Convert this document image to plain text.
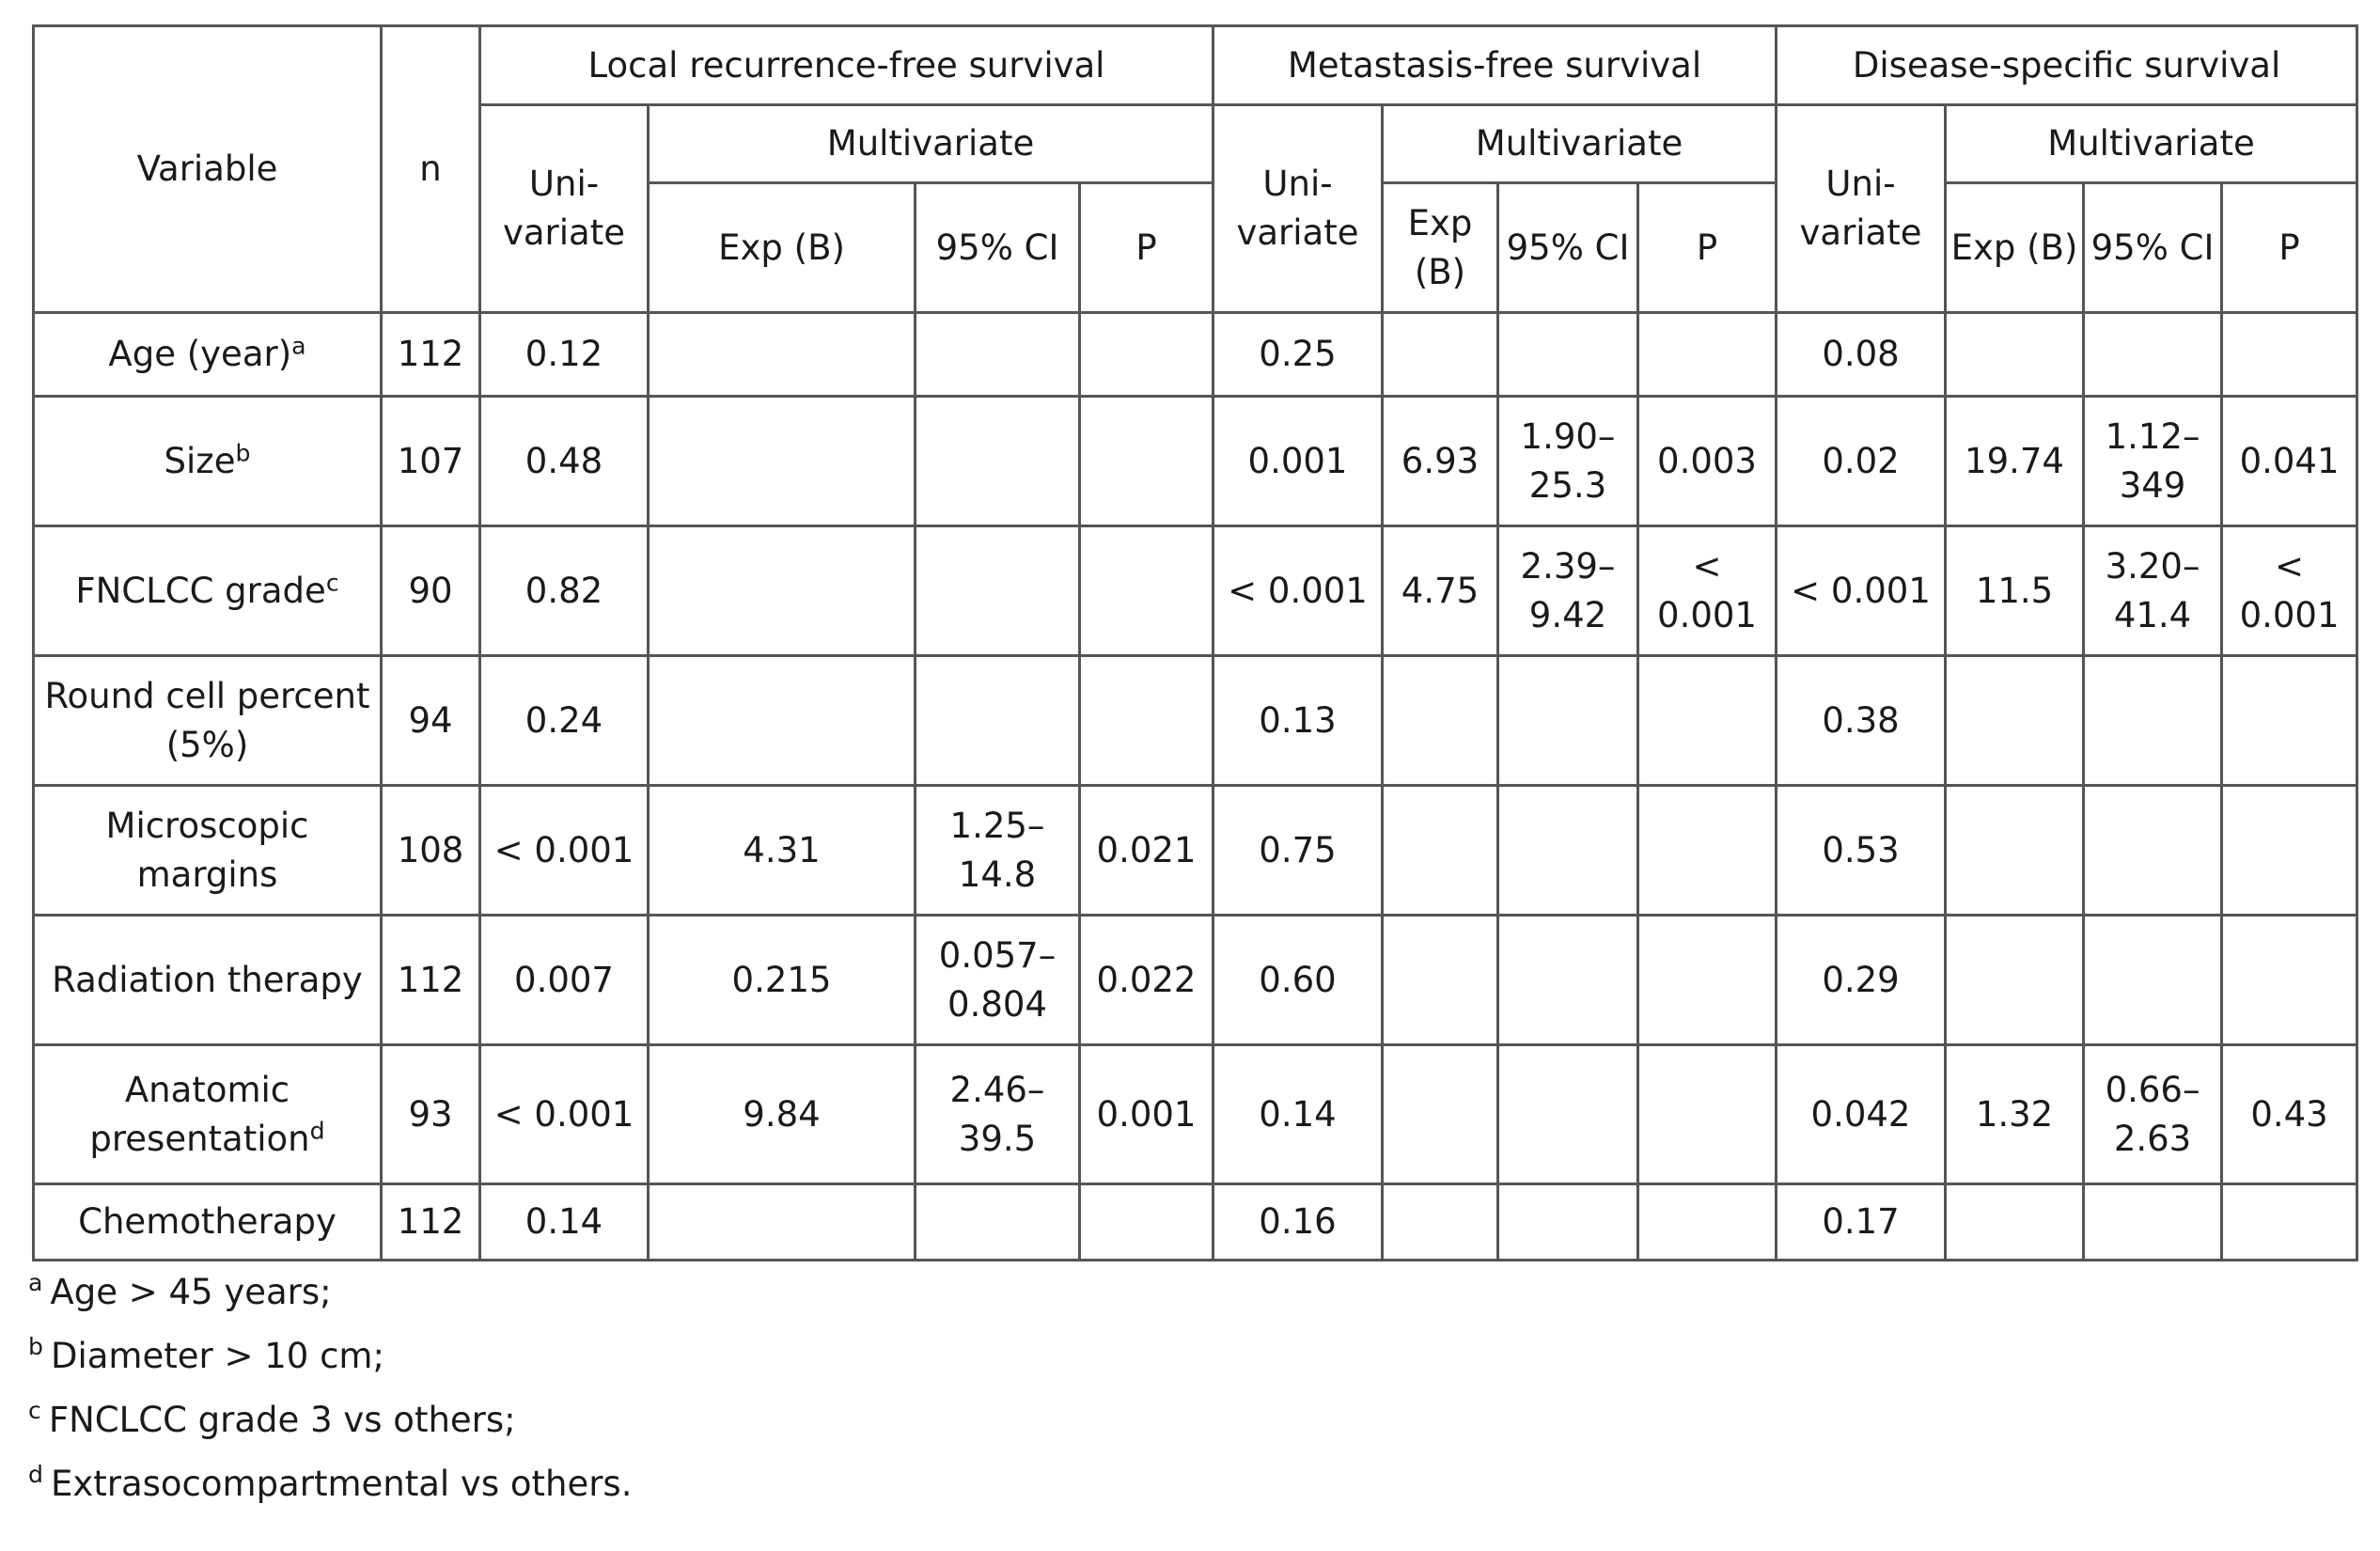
Variable	n	Local recurrence-free survival				Metastasis-free survival				Disease-specific survival			
		Uni-variate	Multivariate			Uni-variate	Multivariate			Uni-variate	Multivariate		
			Exp (B)	95% CI	P		Exp (B)	95% CI	P		Exp (B)	95% CI	P
Age (year)$^a$	112	0.12				0.25				0.08			
Size$^b$	107	0.48				0.001	6.93	1.90–25.3	0.003	0.02	19.74	1.12–349	0.041
FNCLCC grade$^c$	90	0.82				< 0.001	4.75	2.39–9.42	< 0.001	< 0.001	11.5	3.20–41.4	< 0.001
Round cell percent (5%)	94	0.24				0.13				0.38			
Microscopic margins	108	< 0.001	4.31	1.25–14.8	0.021	0.75				0.53			
Radiation therapy	112	0.007	0.215	0.057–0.804	0.022	0.60				0.29			
Anatomic presentation$^d$	93	< 0.001	9.84	2.46–39.5	0.001	0.14				0.042	1.32	0.66–2.63	0.43
Chemotherapy	112	0.14				0.16				0.17			
$^a$ Age > 45 years;
$^b$ Diameter > 10 cm;
$^c$ FNCLCC grade 3 vs others;
$^d$ Extrasocompartmental vs others.
